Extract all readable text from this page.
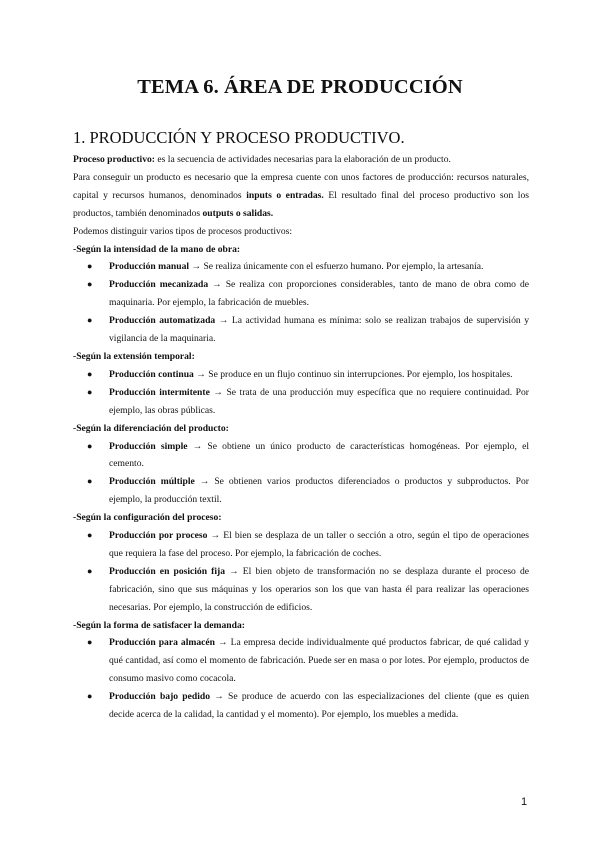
TEMA 6. ÁREA DE PRODUCCIÓN
1. PRODUCCIÓN Y PROCESO PRODUCTIVO.

Proceso productivo: es la secuencia de actividades necesarias para la elaboración de un producto.

Para conseguir un producto es necesario que la empresa cuente con unos factores de producción: recursos naturales, capital y recursos humanos, denominados inputs o entradas. El resultado final del proceso productivo son los productos, también denominados outputs o salidas.

Podemos distinguir varios tipos de procesos productivos:

-Según la intensidad de la mano de obra:

● Producción manual → Se realiza únicamente con el esfuerzo humano. Por ejemplo, la artesanía.
● Producción mecanizada → Se realiza con proporciones considerables, tanto de mano de obra como de maquinaria. Por ejemplo, la fabricación de muebles.
● Producción automatizada → La actividad humana es mínima: solo se realizan trabajos de supervisión y vigilancia de la maquinaria.

-Según la extensión temporal:

● Producción continua → Se produce en un flujo continuo sin interrupciones. Por ejemplo, los hospitales.
● Producción intermitente → Se trata de una producción muy específica que no requiere continuidad. Por ejemplo, las obras públicas.

-Según la diferenciación del producto:

● Producción simple → Se obtiene un único producto de características homogéneas. Por ejemplo, el cemento.
● Producción múltiple → Se obtienen varios productos diferenciados o productos y subproductos. Por ejemplo, la producción textil.

-Según la configuración del proceso:

● Producción por proceso → El bien se desplaza de un taller o sección a otro, según el tipo de operaciones que requiera la fase del proceso. Por ejemplo, la fabricación de coches.
● Producción en posición fija → El bien objeto de transformación no se desplaza durante el proceso de fabricación, sino que sus máquinas y los operarios son los que van hasta él para realizar las operaciones necesarias. Por ejemplo, la construcción de edificios.

-Según la forma de satisfacer la demanda:

● Producción para almacén → La empresa decide individualmente qué productos fabricar, de qué calidad y qué cantidad, así como el momento de fabricación. Puede ser en masa o por lotes. Por ejemplo, productos de consumo masivo como cocacola.
● Producción bajo pedido → Se produce de acuerdo con las especializaciones del cliente (que es quien decide acerca de la calidad, la cantidad y el momento). Por ejemplo, los muebles a medida.
1
